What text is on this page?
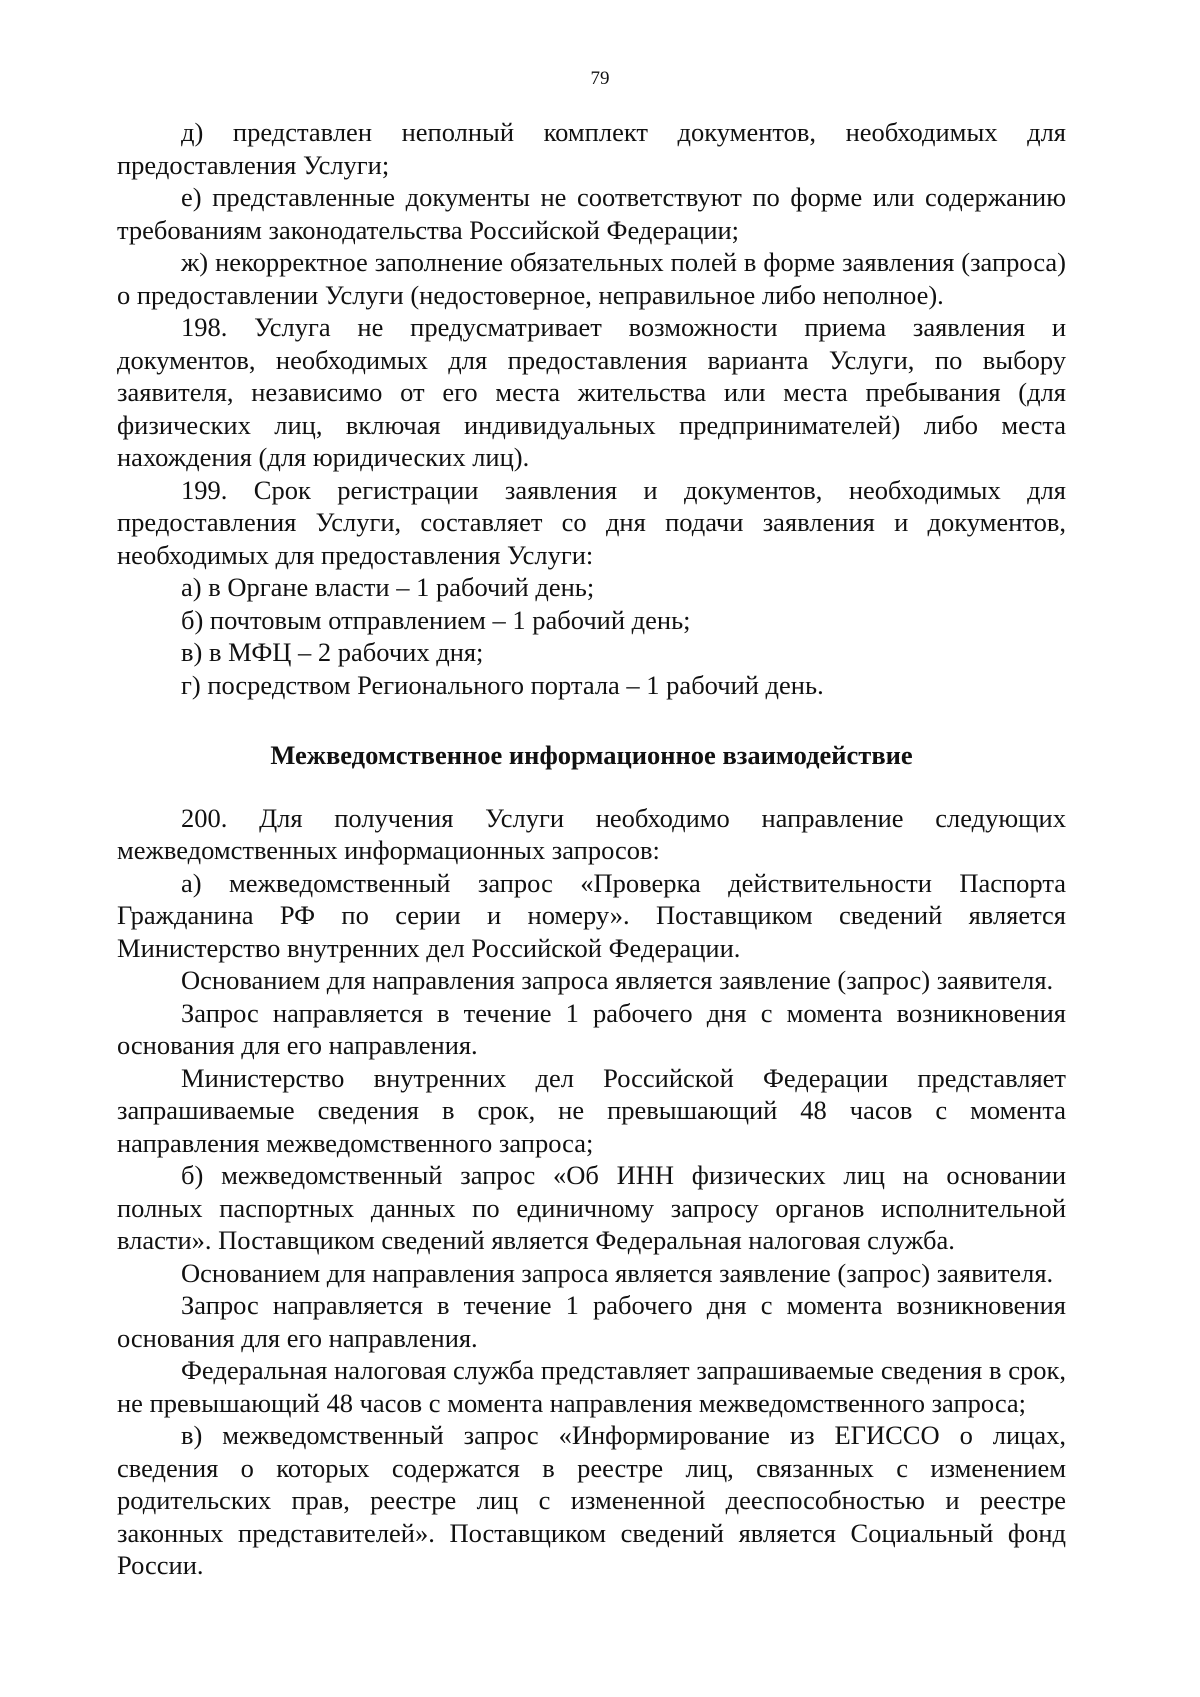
79

д) представлен неполный комплект документов, необходимых для предоставления Услуги;

е) представленные документы не соответствуют по форме или содержанию требованиям законодательства Российской Федерации;

ж) некорректное заполнение обязательных полей в форме заявления (запроса) о предоставлении Услуги (недостоверное, неправильное либо неполное).

198. Услуга не предусматривает возможности приема заявления и документов, необходимых для предоставления варианта Услуги, по выбору заявителя, независимо от его места жительства или места пребывания (для физических лиц, включая индивидуальных предпринимателей) либо места нахождения (для юридических лиц).

199. Срок регистрации заявления и документов, необходимых для предоставления Услуги, составляет со дня подачи заявления и документов, необходимых для предоставления Услуги:

а) в Органе власти – 1 рабочий день;

б) почтовым отправлением – 1 рабочий день;

в) в МФЦ – 2 рабочих дня;

г) посредством Регионального портала – 1 рабочий день.

Межведомственное информационное взаимодействие

200. Для получения Услуги необходимо направление следующих межведомственных информационных запросов:

а) межведомственный запрос «Проверка действительности Паспорта Гражданина РФ по серии и номеру». Поставщиком сведений является Министерство внутренних дел Российской Федерации.

Основанием для направления запроса является заявление (запрос) заявителя.

Запрос направляется в течение 1 рабочего дня с момента возникновения основания для его направления.

Министерство внутренних дел Российской Федерации представляет запрашиваемые сведения в срок, не превышающий 48 часов с момента направления межведомственного запроса;

б) межведомственный запрос «Об ИНН физических лиц на основании полных паспортных данных по единичному запросу органов исполнительной власти». Поставщиком сведений является Федеральная налоговая служба.

Основанием для направления запроса является заявление (запрос) заявителя.

Запрос направляется в течение 1 рабочего дня с момента возникновения основания для его направления.

Федеральная налоговая служба представляет запрашиваемые сведения в срок, не превышающий 48 часов с момента направления межведомственного запроса;

в) межведомственный запрос «Информирование из ЕГИССО о лицах, сведения о которых содержатся в реестре лиц, связанных с изменением родительских прав, реестре лиц с измененной дееспособностью и реестре законных представителей». Поставщиком сведений является Социальный фонд России.
